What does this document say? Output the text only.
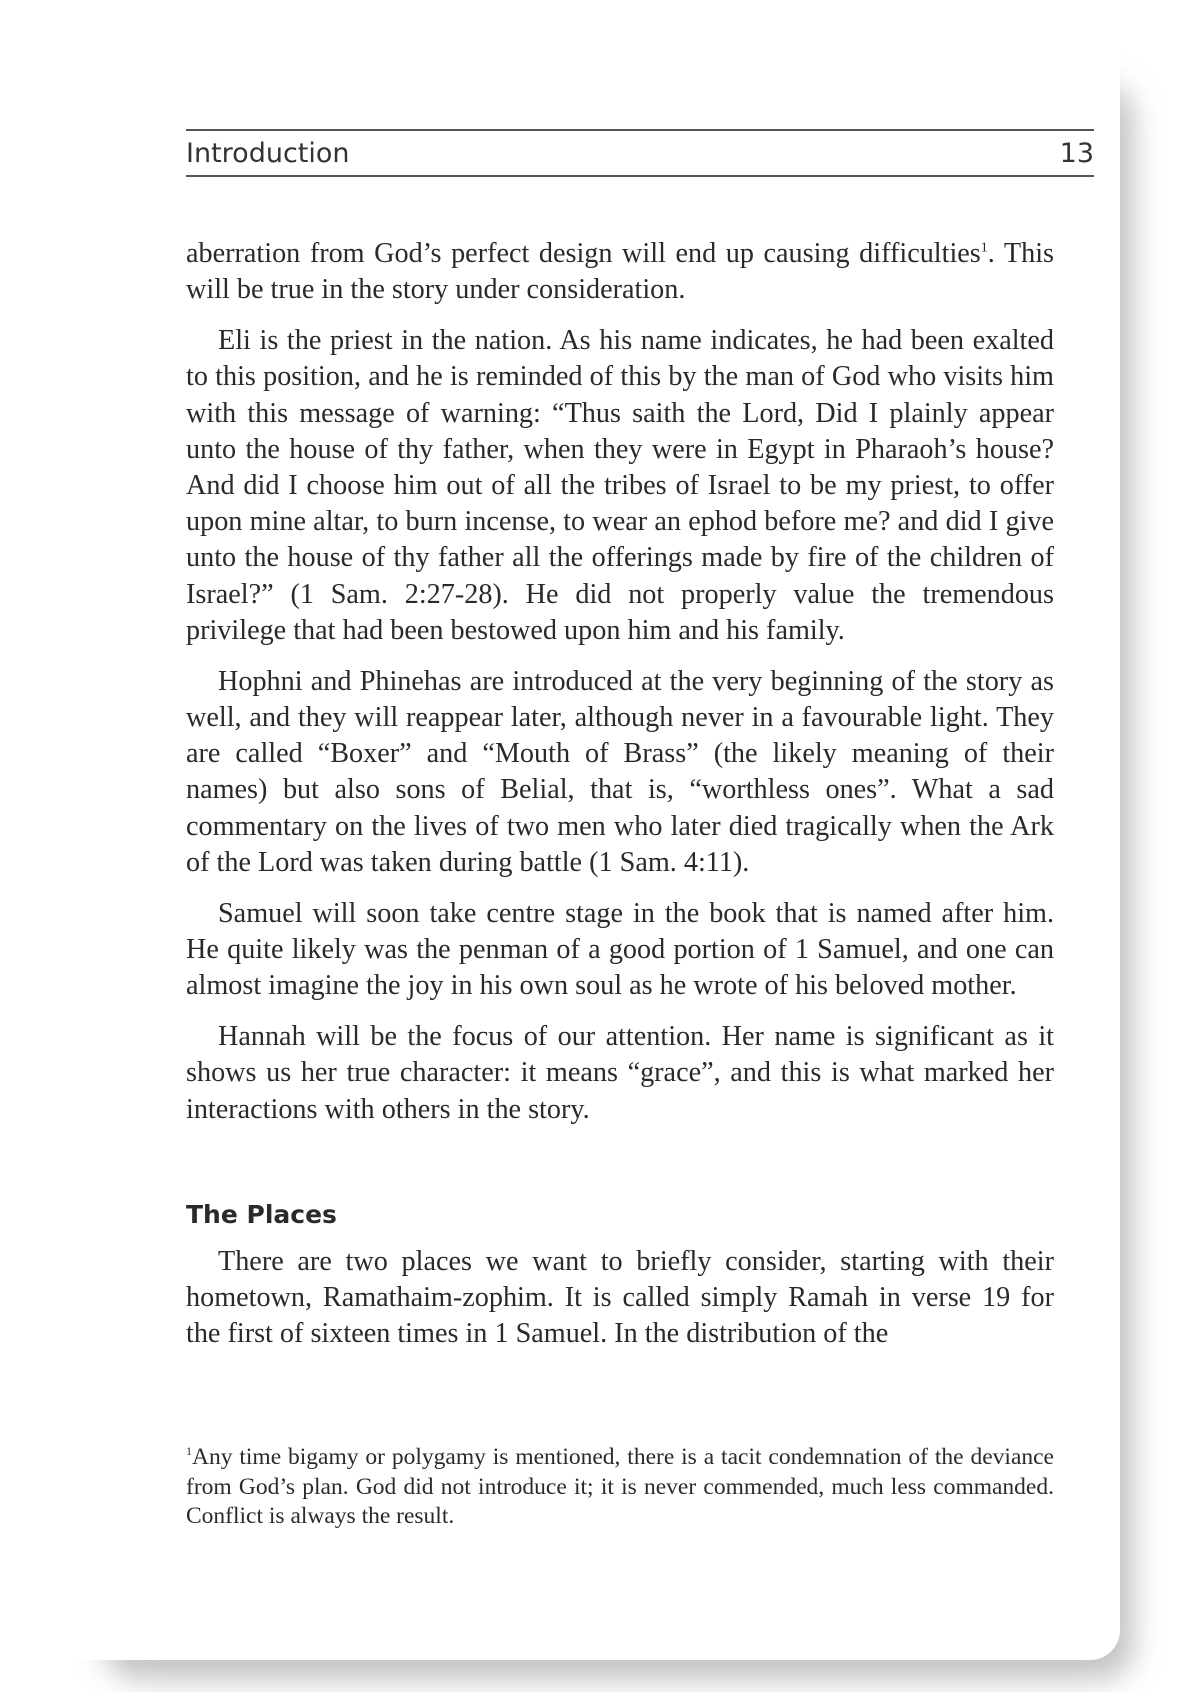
Introduction	13

aberration from God’s perfect design will end up causing difficulties$^1$. This will be true in the story under consideration.

Eli is the priest in the nation. As his name indicates, he had been exalted to this position, and he is reminded of this by the man of God who visits him with this message of warning: “Thus saith the Lord, Did I plainly appear unto the house of thy father, when they were in Egypt in Pharaoh’s house? And did I choose him out of all the tribes of Israel to be my priest, to offer upon mine altar, to burn incense, to wear an ephod before me? and did I give unto the house of thy father all the offerings made by fire of the children of Israel?” (1 Sam. 2:27-28). He did not properly value the tremendous privilege that had been bestowed upon him and his family.

Hophni and Phinehas are introduced at the very beginning of the story as well, and they will reappear later, although never in a favourable light. They are called “Boxer” and “Mouth of Brass” (the likely meaning of their names) but also sons of Belial, that is, “worthless ones”. What a sad commentary on the lives of two men who later died tragically when the Ark of the Lord was taken during battle (1 Sam. 4:11).

Samuel will soon take centre stage in the book that is named after him. He quite likely was the penman of a good portion of 1 Samuel, and one can almost imagine the joy in his own soul as he wrote of his beloved mother.

Hannah will be the focus of our attention. Her name is significant as it shows us her true character: it means “grace”, and this is what marked her interactions with others in the story.

The Places

There are two places we want to briefly consider, starting with their hometown, Ramathaim-zophim. It is called simply Ramah in verse 19 for the first of sixteen times in 1 Samuel. In the distribution of the

$^1$Any time bigamy or polygamy is mentioned, there is a tacit condemnation of the deviance from God’s plan. God did not introduce it; it is never commended, much less commanded. Conflict is always the result.
